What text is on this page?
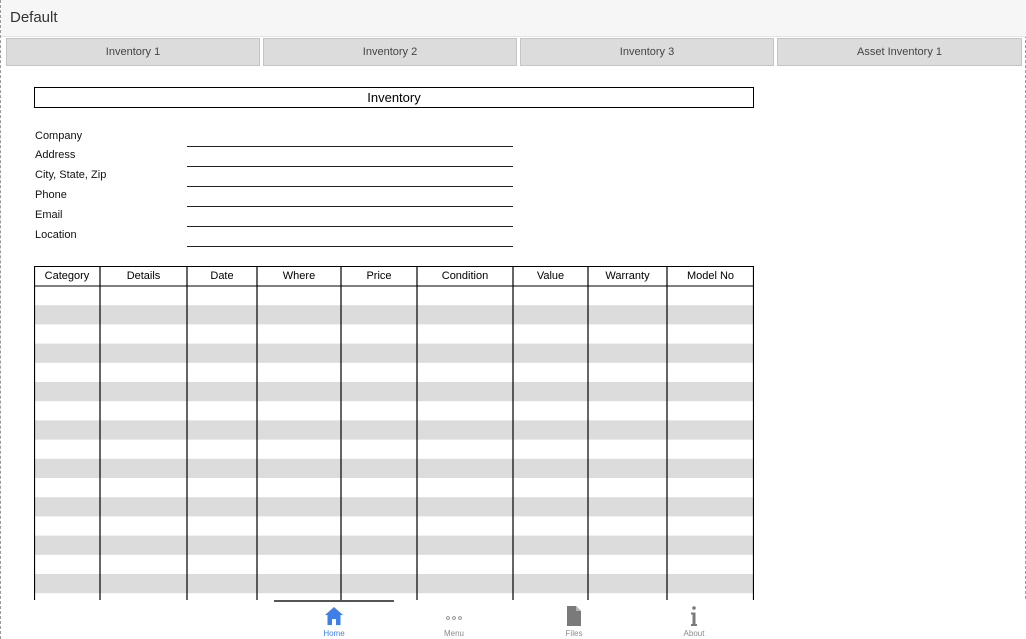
Default
Inventory 1	Inventory 2	Inventory 3	Asset Inventory 1
Inventory
Company
Address
City, State, Zip
Phone
Email
Location
Category	Details	Date	Where	Price	Condition	Value	Warranty	Model No
Home	Menu	Files	About
